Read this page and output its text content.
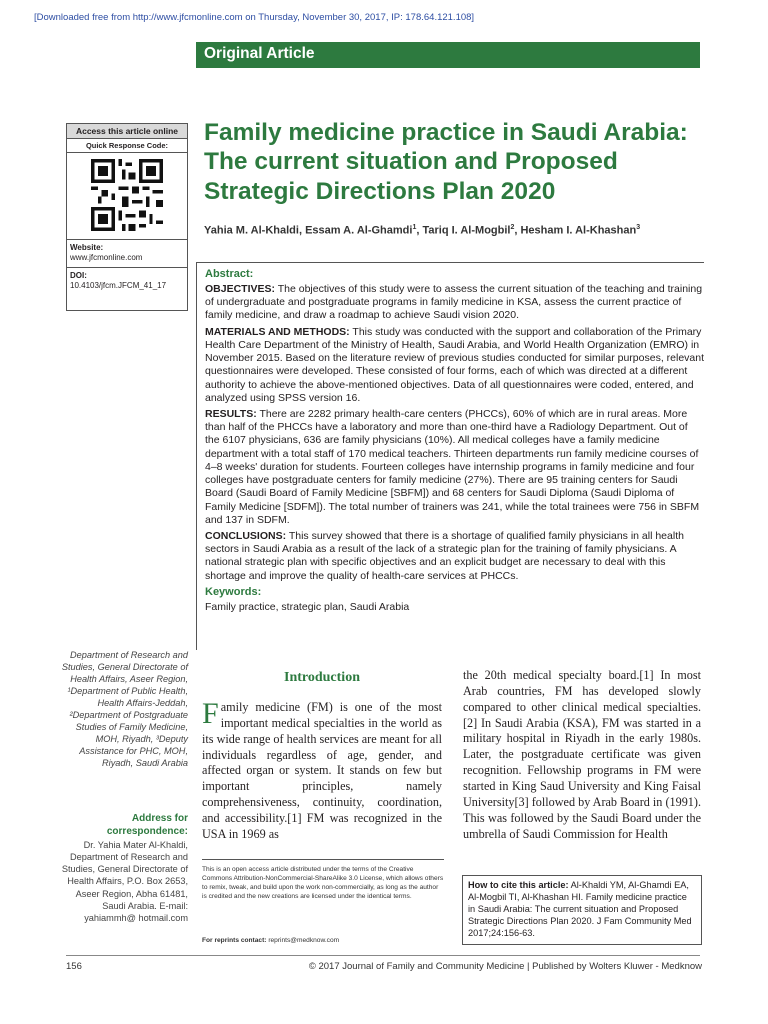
[Downloaded free from http://www.jfcmonline.com on Thursday, November 30, 2017, IP: 178.64.121.108]
Original Article
Access this article online
Quick Response Code:
Website:
www.jfcmonline.com
DOI:
10.4103/jfcm.JFCM_41_17
Family medicine practice in Saudi Arabia: The current situation and Proposed Strategic Directions Plan 2020
Yahia M. Al-Khaldi, Essam A. Al-Ghamdi$^1$, Tariq I. Al-Mogbil$^2$, Hesham I. Al-Khashan$^3$
Abstract:

OBJECTIVES: The objectives of this study were to assess the current situation of the teaching and training of undergraduate and postgraduate programs in family medicine in KSA, assess the current practice of family medicine, and draw a roadmap to achieve Saudi vision 2020.

MATERIALS AND METHODS: This study was conducted with the support and collaboration of the Primary Health Care Department of the Ministry of Health, Saudi Arabia, and World Health Organization (EMRO) in November 2015. Based on the literature review of previous studies conducted for similar purposes, relevant questionnaires were developed. These consisted of four forms, each of which was directed at a different authority to achieve the above-mentioned objectives. Data of all questionnaires were coded, entered, and analyzed using SPSS version 16.

RESULTS: There are 2282 primary health-care centers (PHCCs), 60% of which are in rural areas. More than half of the PHCCs have a laboratory and more than one-third have a Radiology Department. Out of the 6107 physicians, 636 are family physicians (10%). All medical colleges have a family medicine department with a total staff of 170 medical teachers. Thirteen departments run family medicine courses of 4–8 weeks' duration for students. Fourteen colleges have internship programs in family medicine and four colleges have postgraduate centers for family medicine (27%). There are 95 training centers for Saudi Board (Saudi Board of Family Medicine [SBFM]) and 68 centers for Saudi Diploma (Saudi Diploma of Family Medicine [SDFM]). The total number of trainers was 241, while the total trainees were 756 in SBFM and 137 in SDFM.

CONCLUSIONS: This survey showed that there is a shortage of qualified family physicians in all health sectors in Saudi Arabia as a result of the lack of a strategic plan for the training of family physicians. A national strategic plan with specific objectives and an explicit budget are necessary to deal with this shortage and improve the quality of health-care services at PHCCs.

Keywords:

Family practice, strategic plan, Saudi Arabia

Department of Research and Studies, General Directorate of Health Affairs, Aseer Region, ¹Department of Public Health, Health Affairs-Jeddah, ²Department of Postgraduate Studies of Family Medicine, MOH, Riyadh, ³Deputy Assistance for PHC, MOH, Riyadh, Saudi Arabia
Address for correspondence:
Dr. Yahia Mater Al-Khaldi, Department of Research and Studies, General Directorate of Health Affairs, P.O. Box 2653, Aseer Region, Abha 61481, Saudi Arabia. E-mail: yahiammh@ hotmail.com
Introduction
Family medicine (FM) is one of the most important medical specialties in the world as its wide range of health services are meant for all individuals regardless of age, gender, and affected organ or system. It stands on few but important principles, namely comprehensiveness, continuity, coordination, and accessibility.[1] FM was recognized in the USA in 1969 as
the 20th medical specialty board.[1] In most Arab countries, FM has developed slowly compared to other clinical medical specialties.[2] In Saudi Arabia (KSA), FM was started in a military hospital in Riyadh in the early 1980s. Later, the postgraduate certificate was given recognition. Fellowship programs in FM were started in King Saud University and King Faisal University[3] followed by Arab Board in (1991). This was followed by the Saudi Board under the umbrella of Saudi Commission for Health
This is an open access article distributed under the terms of the Creative Commons Attribution-NonCommercial-ShareAlike 3.0 License, which allows others to remix, tweak, and build upon the work non-commercially, as long as the author is credited and the new creations are licensed under the identical terms.
For reprints contact: reprints@medknow.com
How to cite this article: Al-Khaldi YM, Al-Ghamdi EA, Al-Mogbil TI, Al-Khashan HI. Family medicine practice in Saudi Arabia: The current situation and Proposed Strategic Directions Plan 2020. J Fam Community Med 2017;24:156-63.
156	© 2017 Journal of Family and Community Medicine | Published by Wolters Kluwer - Medknow
